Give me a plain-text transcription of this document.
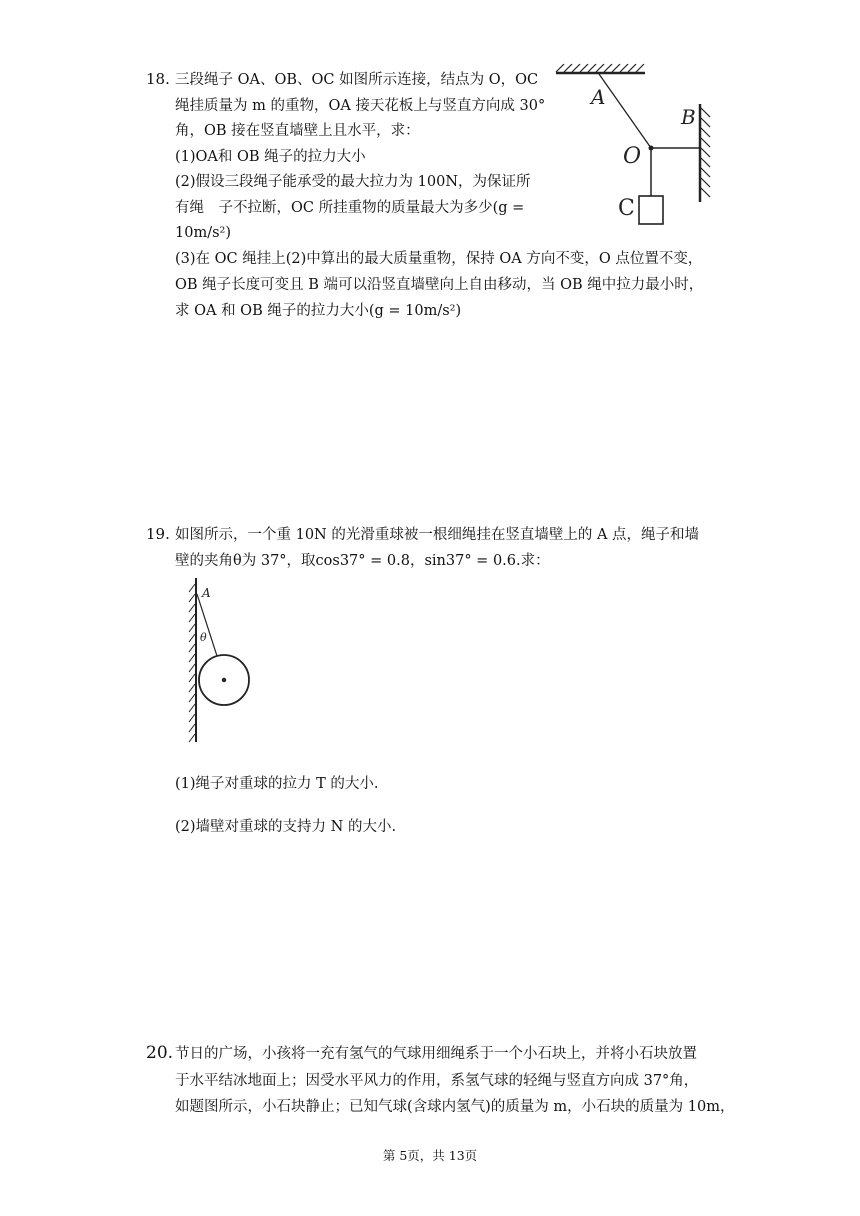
18. 三段绳子 OA、OB、OC 如图所示连接，结点为 O，OC
绳挂质量为 m 的重物，OA 接天花板上与竖直方向成 30°
角，OB 接在竖直墙壁上且水平，求：
(1)OA和 OB 绳子的拉力大小
(2)假设三段绳子能承受的最大拉力为 100N，为保证所
有绳　子不拉断，OC 所挂重物的质量最大为多少(g =
10m/s²)
(3)在 OC 绳挂上(2)中算出的最大质量重物，保持 OA 方向不变，O 点位置不变，
OB 绳子长度可变且 B 端可以沿竖直墙壁向上自由移动，当 OB 绳中拉力最小时，
求 OA 和 OB 绳子的拉力大小(g = 10m/s²)
A
B
O
C
19. 如图所示，一个重 10N 的光滑重球被一根细绳挂在竖直墙壁上的 A 点，绳子和墙
壁的夹角θ为 37°，取cos37° = 0.8，sin37° = 0.6.求：
A
θ
(1)绳子对重球的拉力 T 的大小.
(2)墙壁对重球的支持力 N 的大小.
20. 节日的广场，小孩将一充有氢气的气球用细绳系于一个小石块上，并将小石块放置
于水平结冰地面上；因受水平风力的作用，系氢气球的轻绳与竖直方向成 37°角，
如题图所示，小石块静止；已知气球(含球内氢气)的质量为 m，小石块的质量为 10m，
第 5页，共 13页
